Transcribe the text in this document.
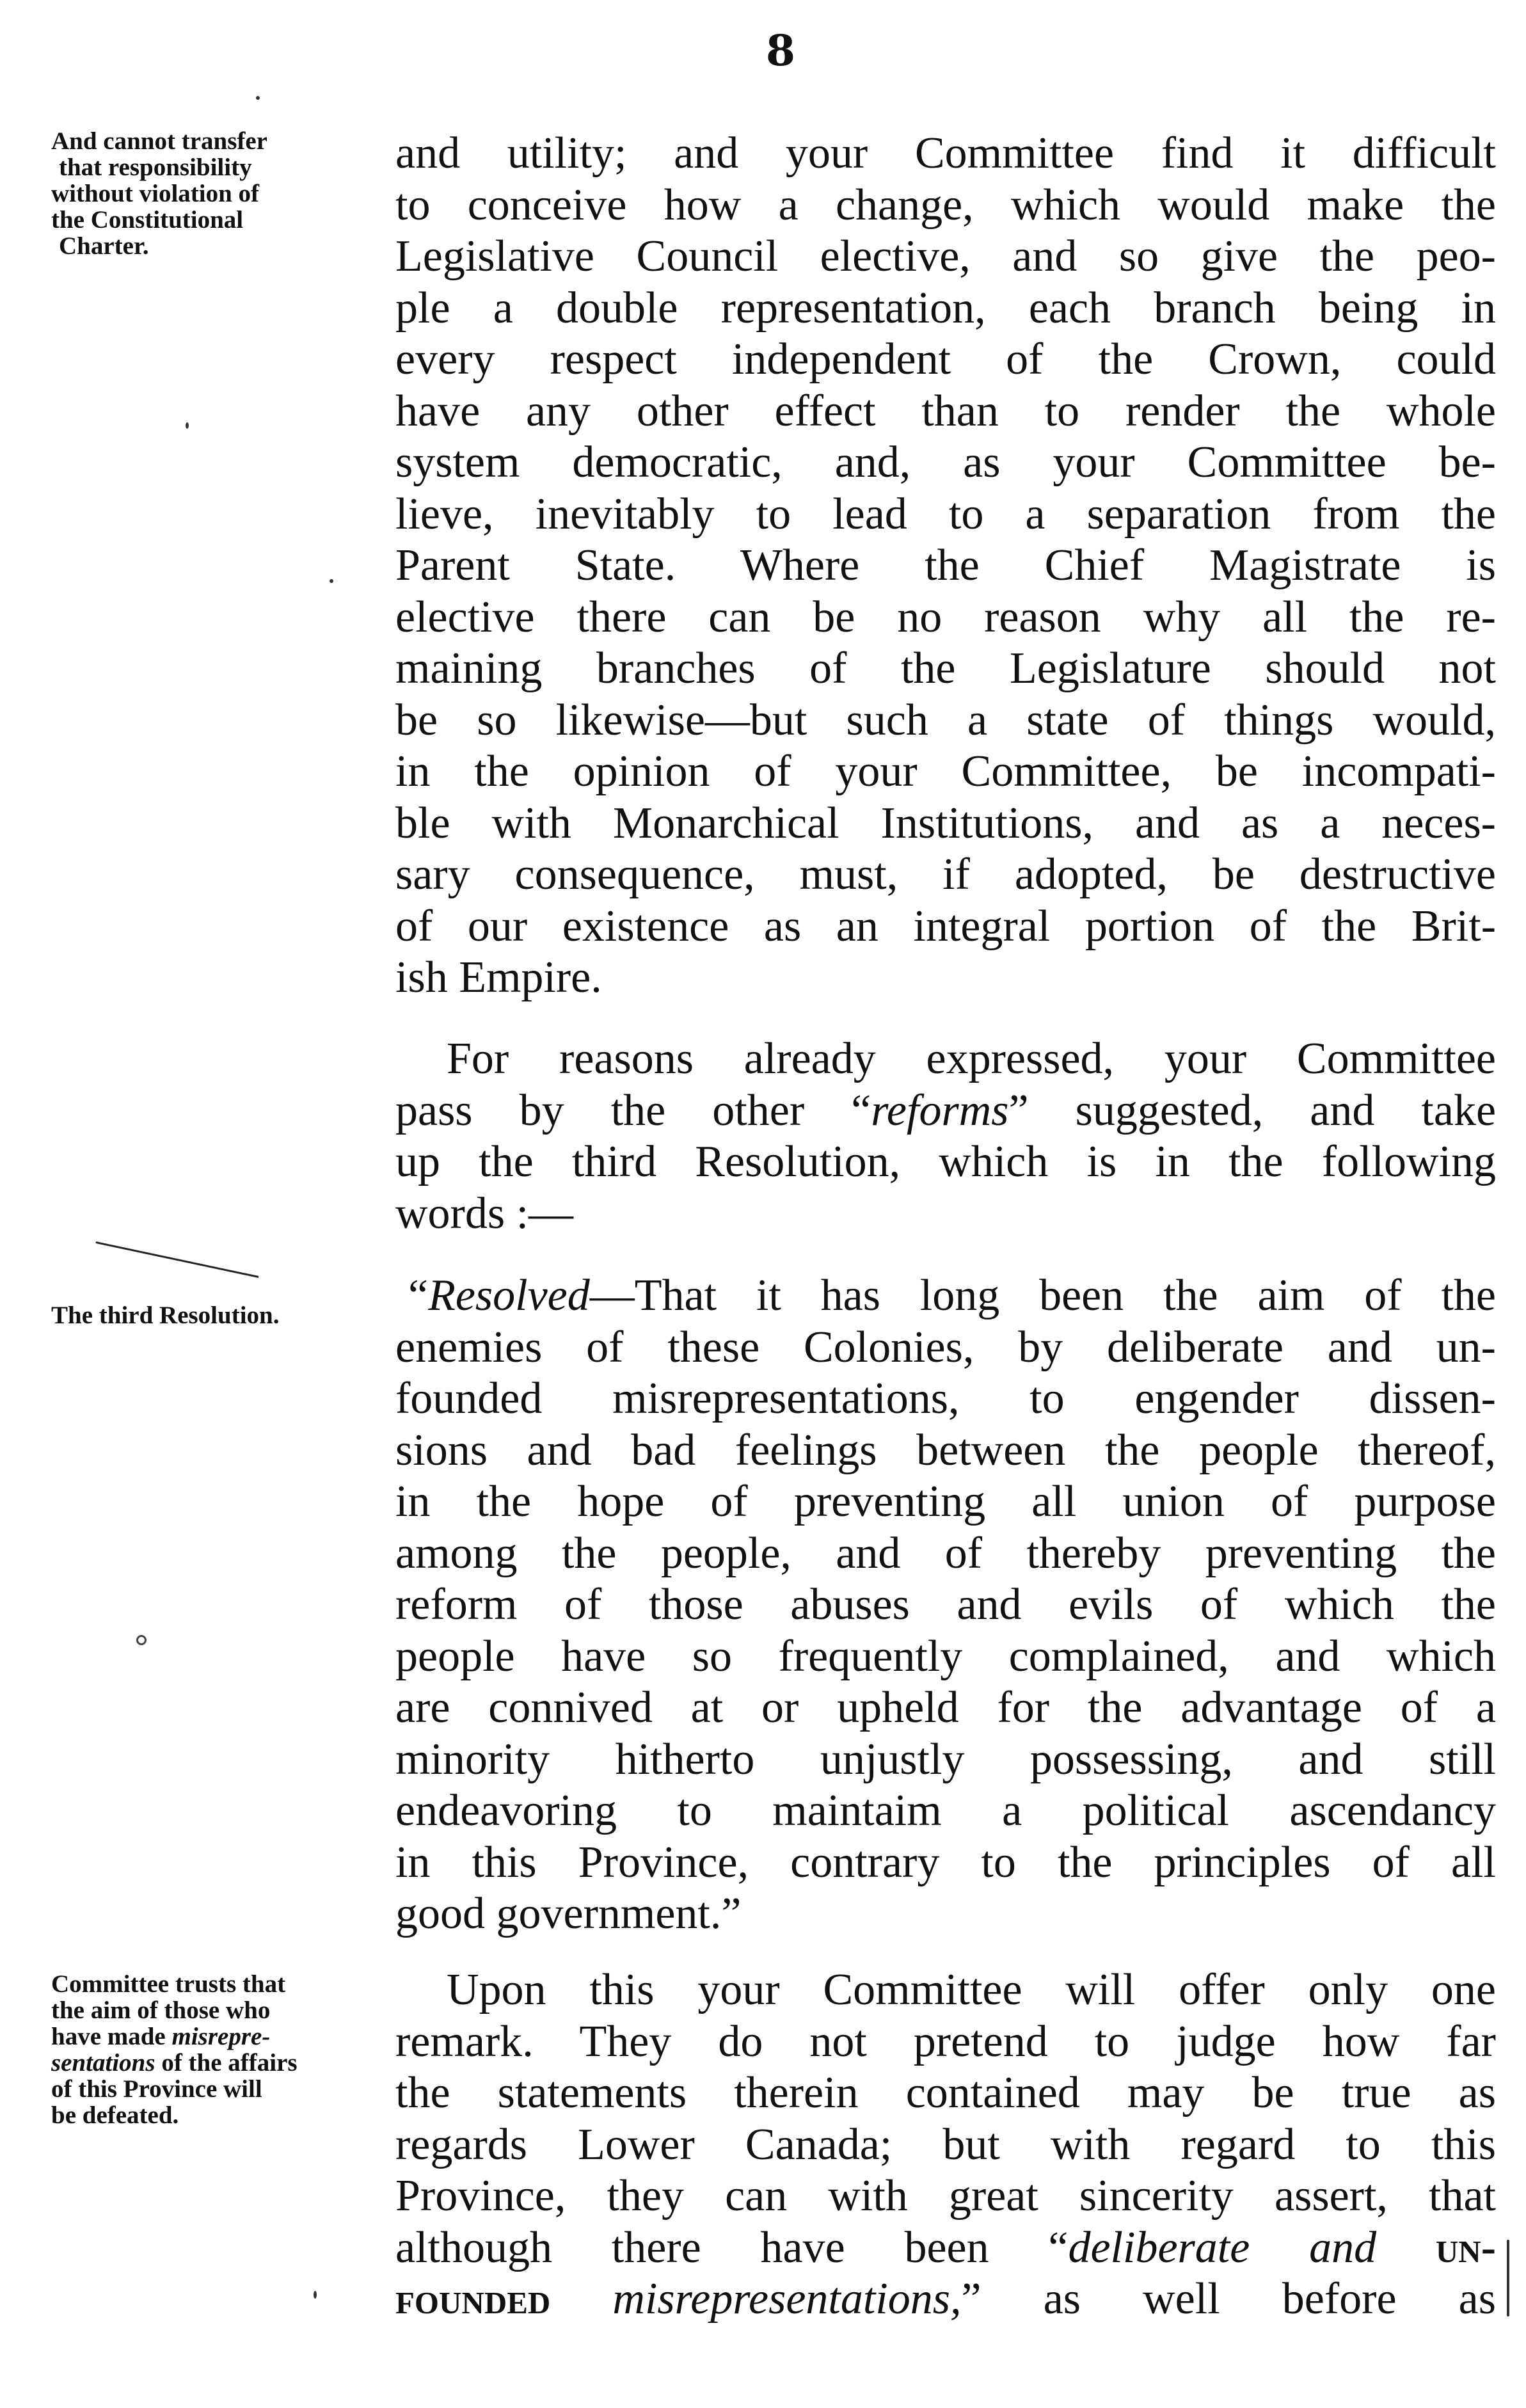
8
And cannot transfer
that responsibility
without violation of
the Constitutional
Charter.
The third Resolution.
Committee trusts that
the aim of those who
have made misrepre-
sentations of the affairs
of this Province will
be defeated.
and utility; and your Committee find it difficult
to conceive how a change, which would make the
Legislative Council elective, and so give the peo-
ple a double representation, each branch being in
every respect independent of the Crown, could
have any other effect than to render the whole
system democratic, and, as your Committee be-
lieve, inevitably to lead to a separation from the
Parent State. Where the Chief Magistrate is
elective there can be no reason why all the re-
maining branches of the Legislature should not
be so likewise—but such a state of things would,
in the opinion of your Committee, be incompati-
ble with Monarchical Institutions, and as a neces-
sary consequence, must, if adopted, be destructive
of our existence as an integral portion of the Brit-
ish Empire.
For reasons already expressed, your Committee
pass by the other “reforms” suggested, and take
up the third Resolution, which is in the following
words :—
“Resolved—That it has long been the aim of the
enemies of these Colonies, by deliberate and un-
founded misrepresentations, to engender dissen-
sions and bad feelings between the people thereof,
in the hope of preventing all union of purpose
among the people, and of thereby preventing the
reform of those abuses and evils of which the
people have so frequently complained, and which
are connived at or upheld for the advantage of a
minority hitherto unjustly possessing, and still
endeavoring to maintaim a political ascendancy
in this Province, contrary to the principles of all
good government.”
Upon this your Committee will offer only one
remark. They do not pretend to judge how far
the statements therein contained may be true as
regards Lower Canada; but with regard to this
Province, they can with great sincerity assert, that
although there have been “deliberate and un-
founded misrepresentations,” as well before as
